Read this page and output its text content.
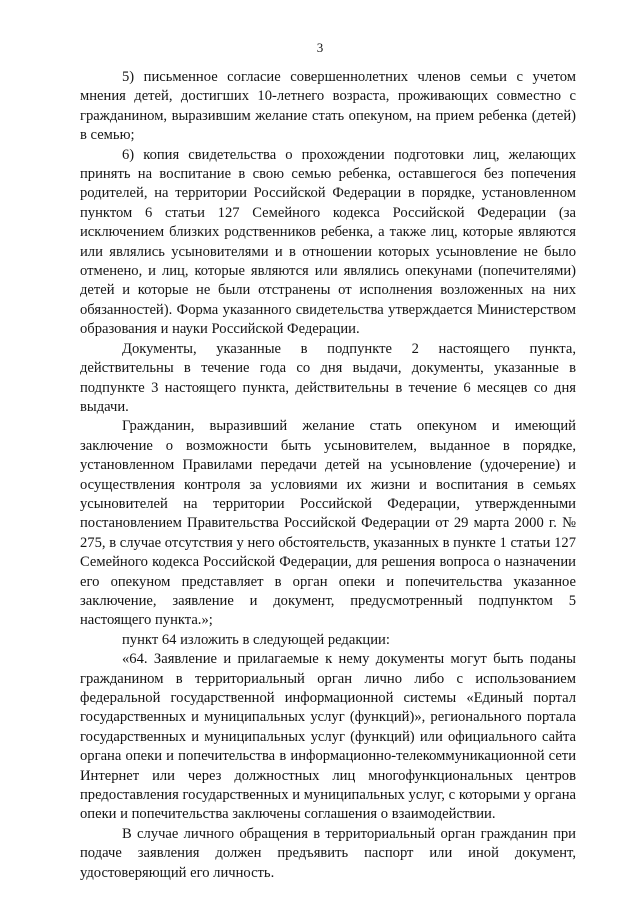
3

5) письменное согласие совершеннолетних членов семьи с учетом мнения детей, достигших 10-летнего возраста, проживающих совместно с гражданином, выразившим желание стать опекуном, на прием ребенка (детей) в семью;

6) копия свидетельства о прохождении подготовки лиц, желающих принять на воспитание в свою семью ребенка, оставшегося без попечения родителей, на территории Российской Федерации в порядке, установленном пунктом 6 статьи 127 Семейного кодекса Российской Федерации (за исключением близких родственников ребенка, а также лиц, которые являются или являлись усыновителями и в отношении которых усыновление не было отменено, и лиц, которые являются или являлись опекунами (попечителями) детей и которые не были отстранены от исполнения возложенных на них обязанностей). Форма указанного свидетельства утверждается Министерством образования и науки Российской Федерации.

Документы, указанные в подпункте 2 настоящего пункта, действительны в течение года со дня выдачи, документы, указанные в подпункте 3 настоящего пункта, действительны в течение 6 месяцев со дня выдачи.

Гражданин, выразивший желание стать опекуном и имеющий заключение о возможности быть усыновителем, выданное в порядке, установленном Правилами передачи детей на усыновление (удочерение) и осуществления контроля за условиями их жизни и воспитания в семьях усыновителей на территории Российской Федерации, утвержденными постановлением Правительства Российской Федерации от 29 марта 2000 г. № 275, в случае отсутствия у него обстоятельств, указанных в пункте 1 статьи 127 Семейного кодекса Российской Федерации, для решения вопроса о назначении его опекуном представляет в орган опеки и попечительства указанное заключение, заявление и документ, предусмотренный подпунктом 5 настоящего пункта.»;

пункт 64 изложить в следующей редакции:

«64. Заявление и прилагаемые к нему документы могут быть поданы гражданином в территориальный орган лично либо с использованием федеральной государственной информационной системы «Единый портал государственных и муниципальных услуг (функций)», регионального портала государственных и муниципальных услуг (функций) или официального сайта органа опеки и попечительства в информационно-телекоммуникационной сети Интернет или через должностных лиц многофункциональных центров предоставления государственных и муниципальных услуг, с которыми у органа опеки и попечительства заключены соглашения о взаимодействии.

В случае личного обращения в территориальный орган гражданин при подаче заявления должен предъявить паспорт или иной документ, удостоверяющий его личность.
